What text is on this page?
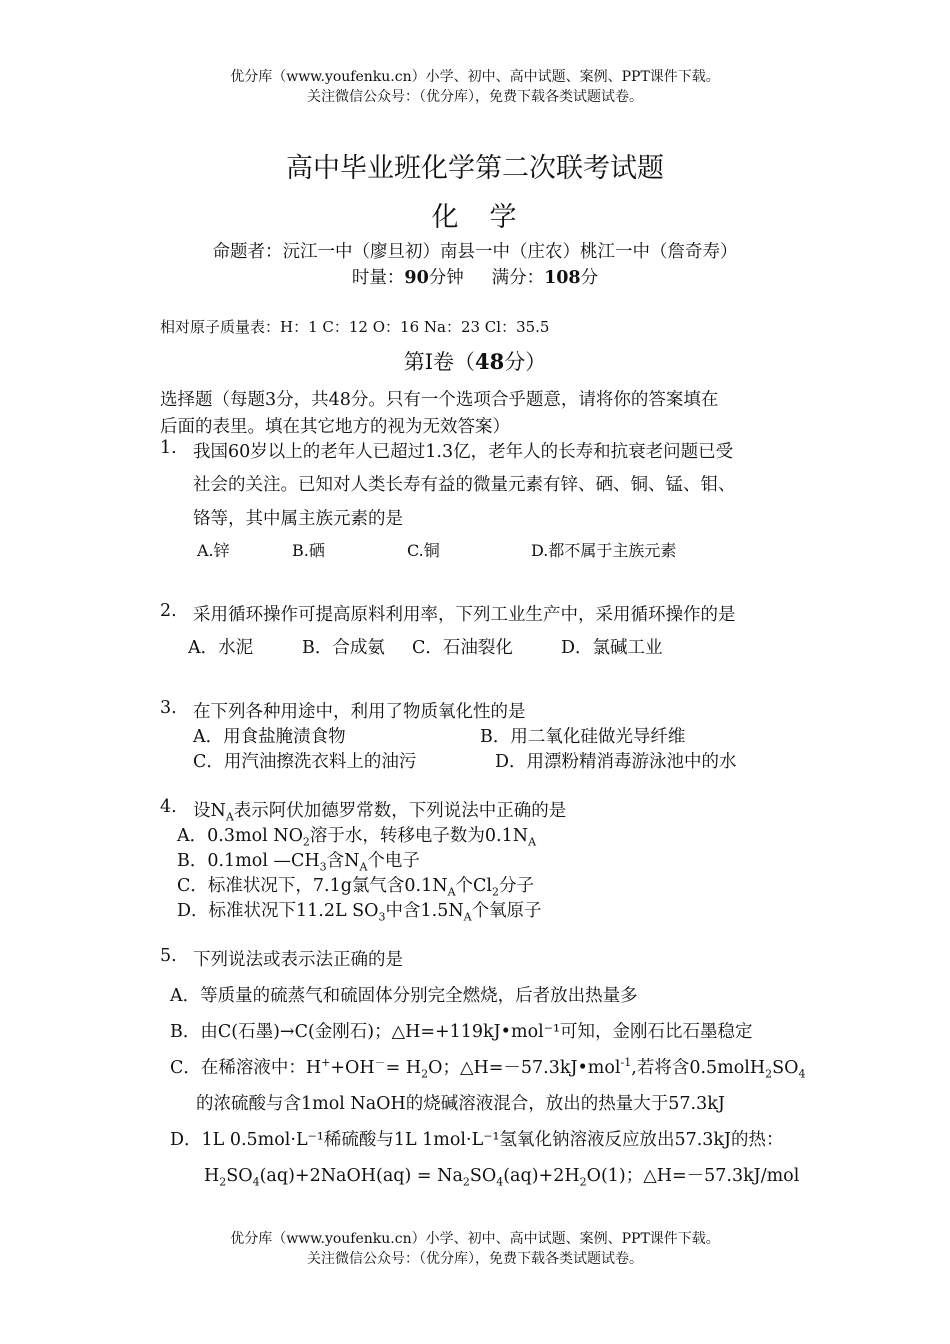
优分库（www.youfenku.cn）小学、初中、高中试题、案例、PPT课件下载。
关注微信公众号：（优分库），免费下载各类试题试卷。
高中毕业班化学第二次联考试题
化　学
命题者：沅江一中（廖旦初）南县一中（庄农）桃江一中（詹奇寿）
时量：90分钟 满分：108分
相对原子质量表：H：1 C：12 O：16 Na：23 Cl：35.5
第Ⅰ卷（48分）
选择题（每题3分，共48分。只有一个选项合乎题意，请将你的答案填在
后面的表里。填在其它地方的视为无效答案）
1. 我国60岁以上的老年人已超过1.3亿，老年人的长寿和抗衰老问题已受
社会的关注。已知对人类长寿有益的微量元素有锌、硒、铜、锰、钼、
铬等，其中属主族元素的是
A.锌	B.硒	C.铜	D.都不属于主族元素
2. 采用循环操作可提高原料利用率，下列工业生产中，采用循环操作的是
A．水泥	B．合成氨 C．石油裂化	D．氯碱工业
3. 在下列各种用途中，利用了物质氧化性的是
A．用食盐腌渍食物	B．用二氧化硅做光导纤维
C．用汽油擦洗衣料上的油污	D．用漂粉精消毒游泳池中的水
4. 设$N_A$表示阿伏加德罗常数，下列说法中正确的是
A．0.3mol $NO_2$溶于水，转移电子数为$0.1N_A$
B．0.1mol $—CH_3$含$N_A$个电子
C．标准状况下，7.1g氯气含$0.1N_A$个$Cl_2$分子
D．标准状况下11.2L $SO_3$中含$1.5N_A$个氧原子
5. 下列说法或表示法正确的是
A．等质量的硫蒸气和硫固体分别完全燃烧，后者放出热量多
B．由C(石墨)→C(金刚石)；△H=+119kJ•mol⁻¹可知，金刚石比石墨稳定
C．在稀溶液中：$H^++OH^-= H_2O$；△H=－57.3kJ•mol$^{-1}$,若将含$0.5molH_2SO_4$
的浓硫酸与含1mol NaOH的烧碱溶液混合，放出的热量大于57.3kJ
D．1L 0.5mol·L⁻¹稀硫酸与1L 1mol·L⁻¹氢氧化钠溶液反应放出57.3kJ的热：
$H_2SO_4(aq)+2NaOH(aq) = Na_2SO_4(aq)+2H_2O(1)$；△H=－57.3kJ/mol
优分库（www.youfenku.cn）小学、初中、高中试题、案例、PPT课件下载。
关注微信公众号：（优分库），免费下载各类试题试卷。
